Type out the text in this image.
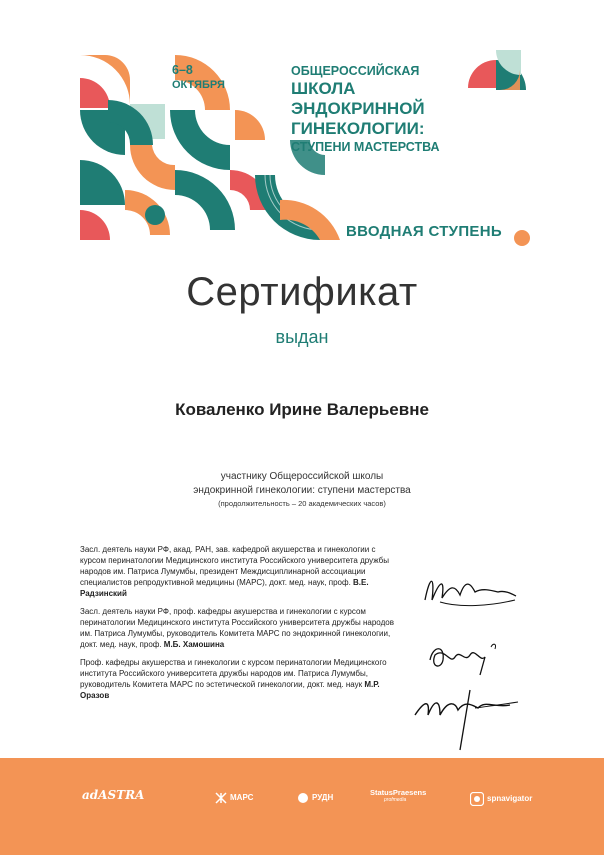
6–8
ОКТЯБРЯ
ОБЩЕРОССИЙСКАЯ
ШКОЛА
ЭНДОКРИННОЙ
ГИНЕКОЛОГИИ:
СТУПЕНИ МАСТЕРСТВА
ВВОДНАЯ СТУПЕНЬ
Сертификат
выдан
Коваленко Ирине Валерьевне
участнику Общероссийской школы
эндокринной гинекологии: ступени мастерства
(продолжительность – 20 академических часов)
Засл. деятель науки РФ, акад. РАН, зав. кафедрой акушерства и гинекологии с курсом перинатологии Медицинского института Российского университета дружбы народов им. Патриса Лумумбы, президент Междисциплинарной ассоциации специалистов репродуктивной медицины (МАРС), докт. мед. наук, проф. В.Е. Радзинский
Засл. деятель науки РФ, проф. кафедры акушерства и гинекологии с курсом перинатологии Медицинского института Российского университета дружбы народов им. Патриса Лумумбы, руководитель Комитета МАРС по эндокринной гинекологии, докт. мед. наук, проф. М.Б. Хамошина
Проф. кафедры акушерства и гинекологии с курсом перинатологии Медицинского института Российского университета дружбы народов им. Патриса Лумумбы, руководитель Комитета МАРС по эстетической гинекологии, докт. мед. наук М.Р. Оразов
adASTRA	МАРС	РУДН
StatusPraesens
profmedia	spnavigator
